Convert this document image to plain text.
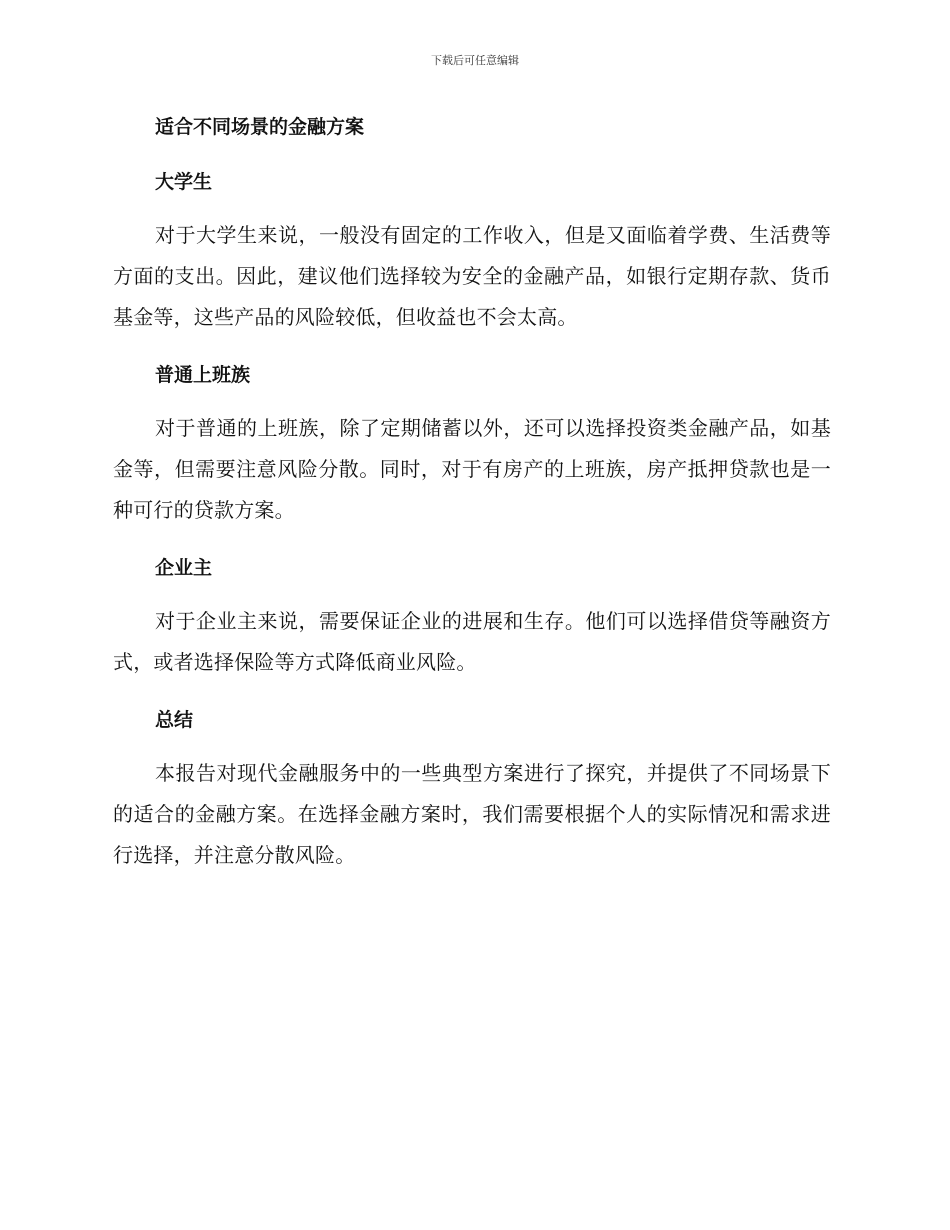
下载后可任意编辑
适合不同场景的金融方案
大学生

对于大学生来说，一般没有固定的工作收入，但是又面临着学费、生活费等方面的支出。因此，建议他们选择较为安全的金融产品，如银行定期存款、货币基金等，这些产品的风险较低，但收益也不会太高。

普通上班族

对于普通的上班族，除了定期储蓄以外，还可以选择投资类金融产品，如基金等，但需要注意风险分散。同时，对于有房产的上班族，房产抵押贷款也是一种可行的贷款方案。

企业主

对于企业主来说，需要保证企业的进展和生存。他们可以选择借贷等融资方式，或者选择保险等方式降低商业风险。

总结

本报告对现代金融服务中的一些典型方案进行了探究，并提供了不同场景下的适合的金融方案。在选择金融方案时，我们需要根据个人的实际情况和需求进行选择，并注意分散风险。
